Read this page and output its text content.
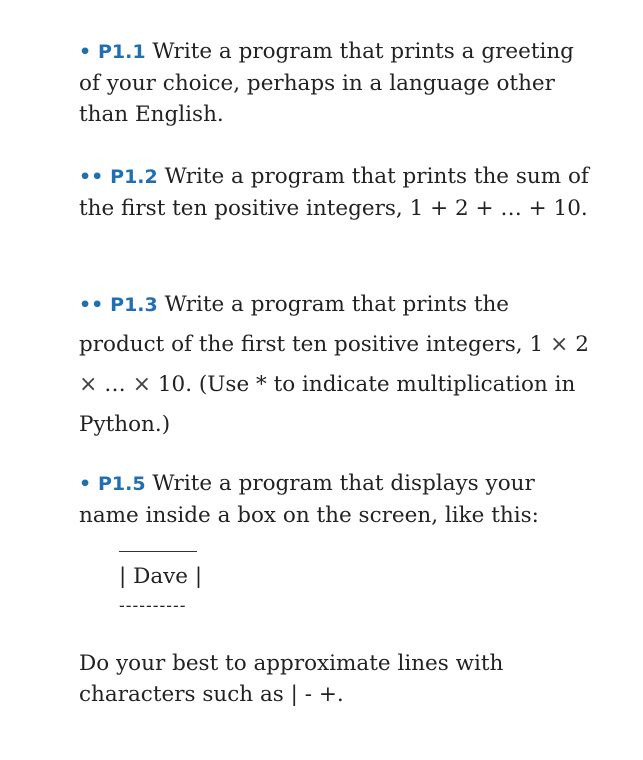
• P1.1 Write a program that prints a greeting of your choice, perhaps in a language other than English.

•• P1.2 Write a program that prints the sum of the first ten positive integers, 1 + 2 + … + 10.

•• P1.3 Write a program that prints the product of the first ten positive integers, 1 × 2 × … × 10. (Use * to indicate multiplication in Python.)

• P1.5 Write a program that displays your name inside a box on the screen, like this:

| Dave |
----------

Do your best to approximate lines with characters such as | - +.
